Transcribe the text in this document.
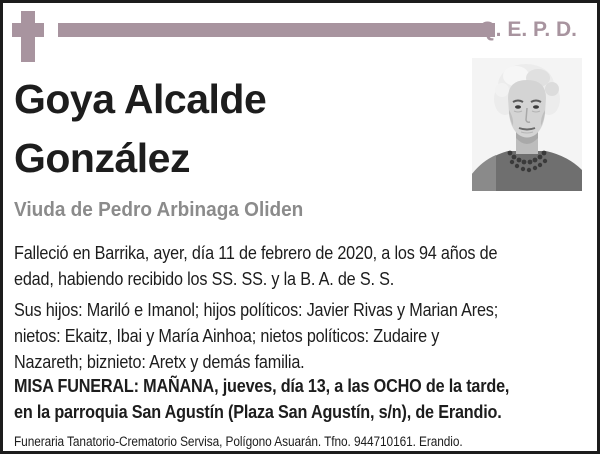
Q. E. P. D.
Goya Alcalde
González
Viuda de Pedro Arbinaga Oliden
Falleció en Barrika, ayer, día 11 de febrero de 2020, a los 94 años de
edad, habiendo recibido los SS. SS. y la B. A. de S. S.
Sus hijos: Mariló e Imanol; hijos políticos: Javier Rivas y Marian Ares;
nietos: Ekaitz, Ibai y María Ainhoa; nietos políticos: Zudaire y
Nazareth; biznieto: Aretx y demás familia.
MISA FUNERAL: MAÑANA, jueves, día 13, a las OCHO de la tarde,
en la parroquia San Agustín (Plaza San Agustín, s/n), de Erandio.
Funeraria Tanatorio-Crematorio Servisa, Polígono Asuarán. Tfno. 944710161. Erandio.
